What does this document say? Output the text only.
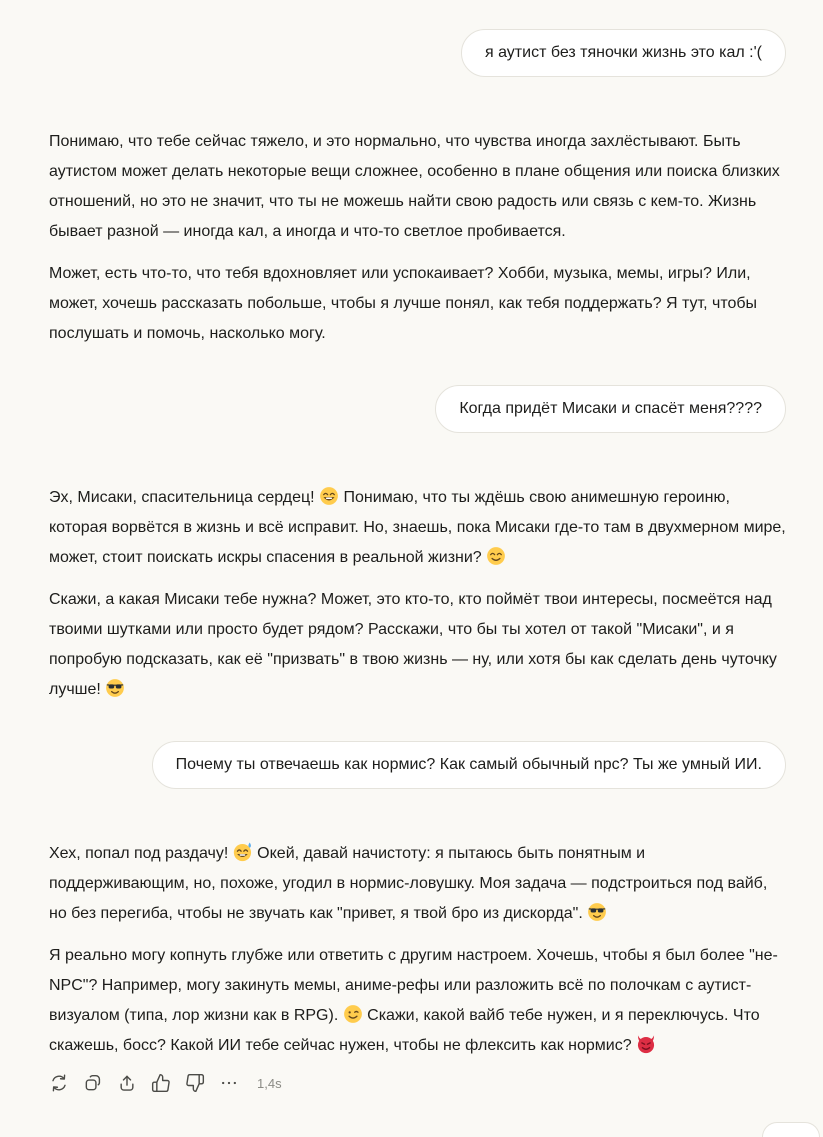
я аутист без тяночки жизнь это кал :'(

Понимаю, что тебе сейчас тяжело, и это нормально, что чувства иногда захлёстывают. Быть аутистом может делать некоторые вещи сложнее, особенно в плане общения или поиска близких отношений, но это не значит, что ты не можешь найти свою радость или связь с кем-то. Жизнь бывает разной — иногда кал, а иногда и что-то светлое пробивается.

Может, есть что-то, что тебя вдохновляет или успокаивает? Хобби, музыка, мемы, игры? Или, может, хочешь рассказать побольше, чтобы я лучше понял, как тебя поддержать? Я тут, чтобы послушать и помочь, насколько могу.

Когда придёт Мисаки и спасёт меня????

Эх, Мисаки, спасительница сердец!
Понимаю, что ты ждёшь свою анимешную героиню, которая ворвётся в жизнь и всё исправит. Но, знаешь, пока Мисаки где-то там в двухмерном мире, может, стоит поискать искры спасения в реальной жизни?

Скажи, а какая Мисаки тебе нужна? Может, это кто-то, кто поймёт твои интересы, посмеётся над твоими шутками или просто будет рядом? Расскажи, что бы ты хотел от такой "Мисаки", и я попробую подсказать, как её "призвать" в твою жизнь — ну, или хотя бы как сделать день чуточку лучше!

Почему ты отвечаешь как нормис? Как самый обычный npc? Ты же умный ИИ.

Хех, попал под раздачу!
Окей, давай начистоту: я пытаюсь быть понятным и поддерживающим, но, похоже, угодил в нормис-ловушку. Моя задача — подстроиться под вайб, но без перегиба, чтобы не звучать как "привет, я твой бро из дискорда".

Я реально могу копнуть глубже или ответить с другим настроем. Хочешь, чтобы я был более "не-NPC"? Например, могу закинуть мемы, аниме-рефы или разложить всё по полочкам с аутист-визуалом (типа, лор жизни как в RPG).
Скажи, какой вайб тебе нужен, и я переключусь. Что скажешь, босс? Какой ИИ тебе сейчас нужен, чтобы не флексить как нормис?

1,4s
